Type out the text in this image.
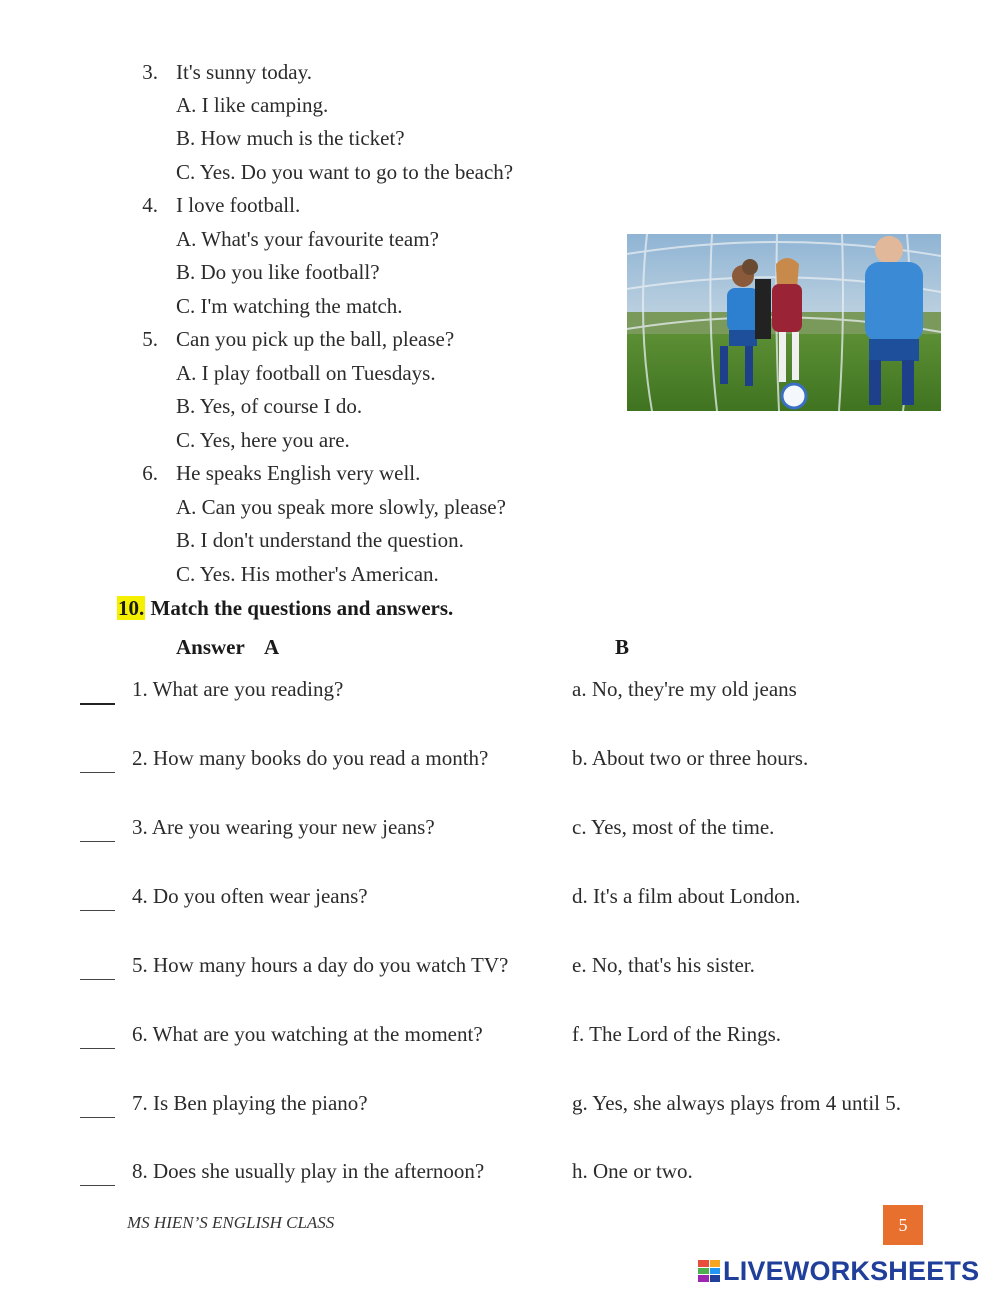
3. It's sunny today.
A. I like camping.
B. How much is the ticket?
C. Yes. Do you want to go to the beach?
4. I love football.
A. What's your favourite team?
B. Do you like football?
C. I'm watching the match.
5. Can you pick up the ball, please?
A. I play football on Tuesdays.
B. Yes, of course I do.
C. Yes, here you are.
6. He speaks English very well.
A. Can you speak more slowly, please?
B. I don't understand the question.
C. Yes. His mother's American.
10. Match the questions and answers.
Answer A	B
1. What are you reading?	a. No, they're my old jeans
2. How many books do you read a month?	b. About two or three hours.
3. Are you wearing your new jeans?	c. Yes, most of the time.
4. Do you often wear jeans?	d. It's a film about London.
5. How many hours a day do you watch TV?	e. No, that's his sister.
6. What are you watching at the moment?	f. The Lord of the Rings.
7. Is Ben playing the piano?	g. Yes, she always plays from 4 until 5.
8. Does she usually play in the afternoon?	h. One or two.
MS HIEN’S ENGLISH CLASS	5
LIVEWORKSHEETS
